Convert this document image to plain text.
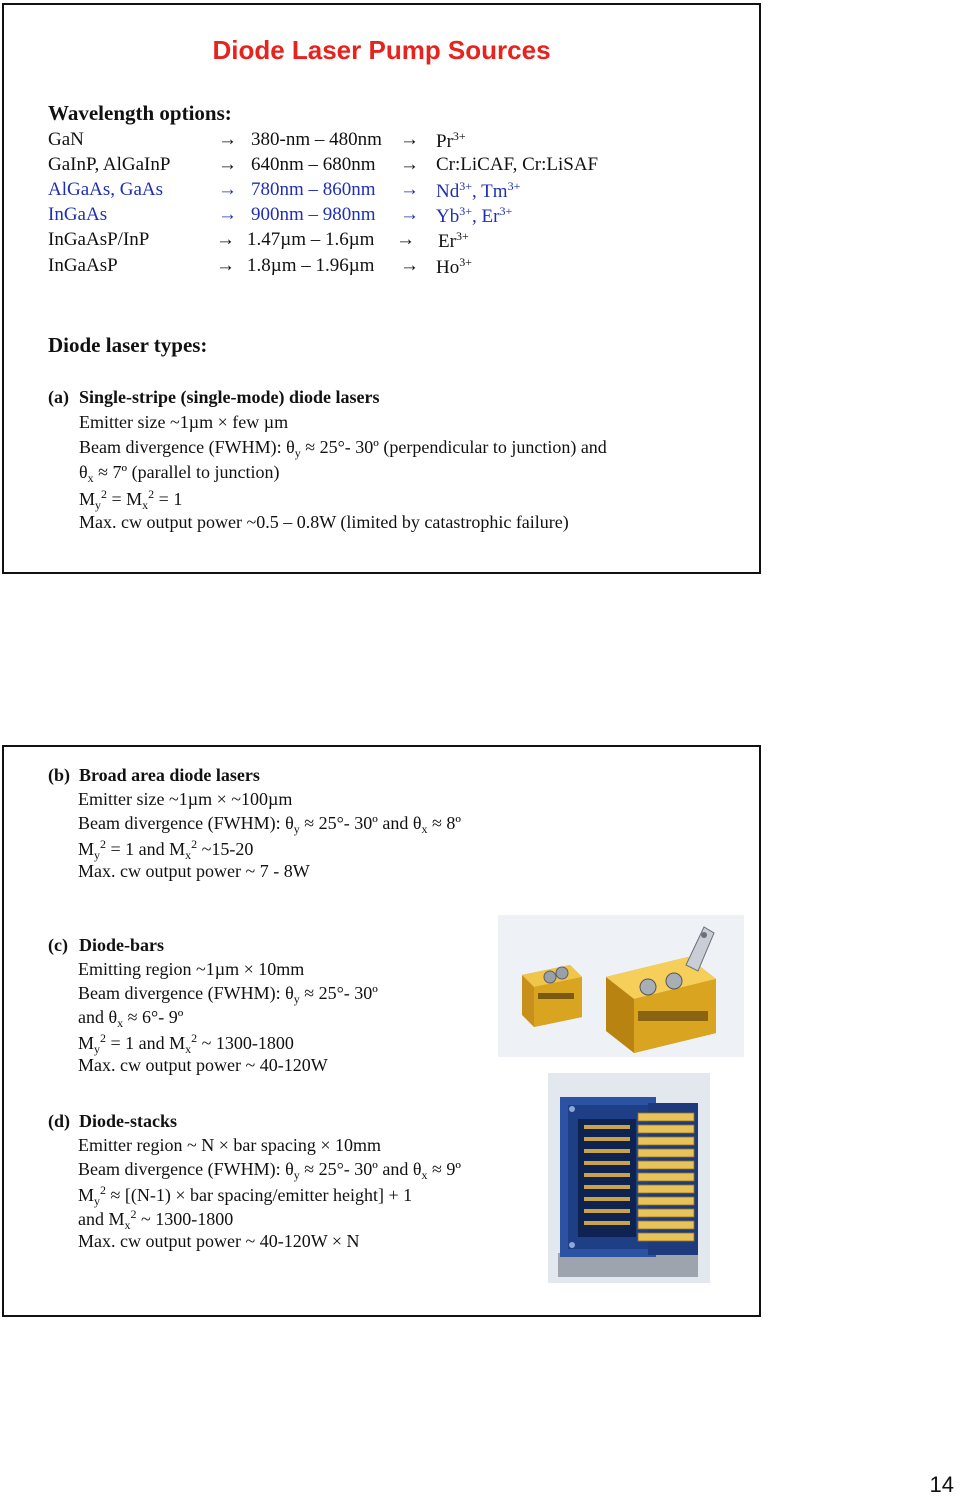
Diode Laser Pump Sources
Wavelength options:
GaN	→ $380-nm - 480nm \to Pr^{3+}$
GaInP, AlGaInP	→ 640nm – 680nm → Cr:LiCAF, Cr:LiSAF
AlGaAs, GaAs	→ $780nm - 860nm \to Nd^{3+}$, $Tm^{3+}$
InGaAs	→ $900nm - 980nm \to Yb^{3+}$, $Er^{3+}$
InGaAsP/InP	→ $1.47\mu m - 1.6\mu m \to Er^{3+}$
InGaAsP	→ $1.8\mu m - 1.96\mu m \to Ho^{3+}$
Diode laser types:
(a) Single-stripe (single-mode) diode lasers
Emitter size ~1µm × few µm
Beam divergence (FWHM): $\theta_y \approx 25^\circ-$ 30º (perpendicular to junction) and
$\theta_x$ ≈ 7º (parallel to junction)
$M_y^2 = M_x^2 = 1$
Max. cw output power ~0.5 – 0.8W (limited by catastrophic failure)
(b) Broad area diode lasers
Emitter size ~1µm × ~100µm
Beam divergence (FWHM): $\theta_y \approx 25^\circ-$ 30º and $\theta_x$ ≈ 8º
$M_y^2 = 1$ and $M_x^2$ ~15-20
Max. cw output power ~ 7 - 8W
(c) Diode-bars
Emitting region ~1µm × 10mm
Beam divergence (FWHM): $\theta_y \approx 25^\circ-$ 30º
and $\theta_x \approx 6^\circ-$ 9º
$M_y^2 = 1$ and $M_x^2$ ~ 1300-1800
Max. cw output power ~ 40-120W
(d) Diode-stacks
Emitter region ~ N × bar spacing × 10mm
Beam divergence (FWHM): $\theta_y \approx 25^\circ-$ 30º and $\theta_x$ ≈ 9º
$M_y^2 \approx [(N-1)$ × bar spacing/emitter height] + 1
and $M_x^2$ ~ 1300-1800
Max. cw output power ~ 40-120W × N
14
